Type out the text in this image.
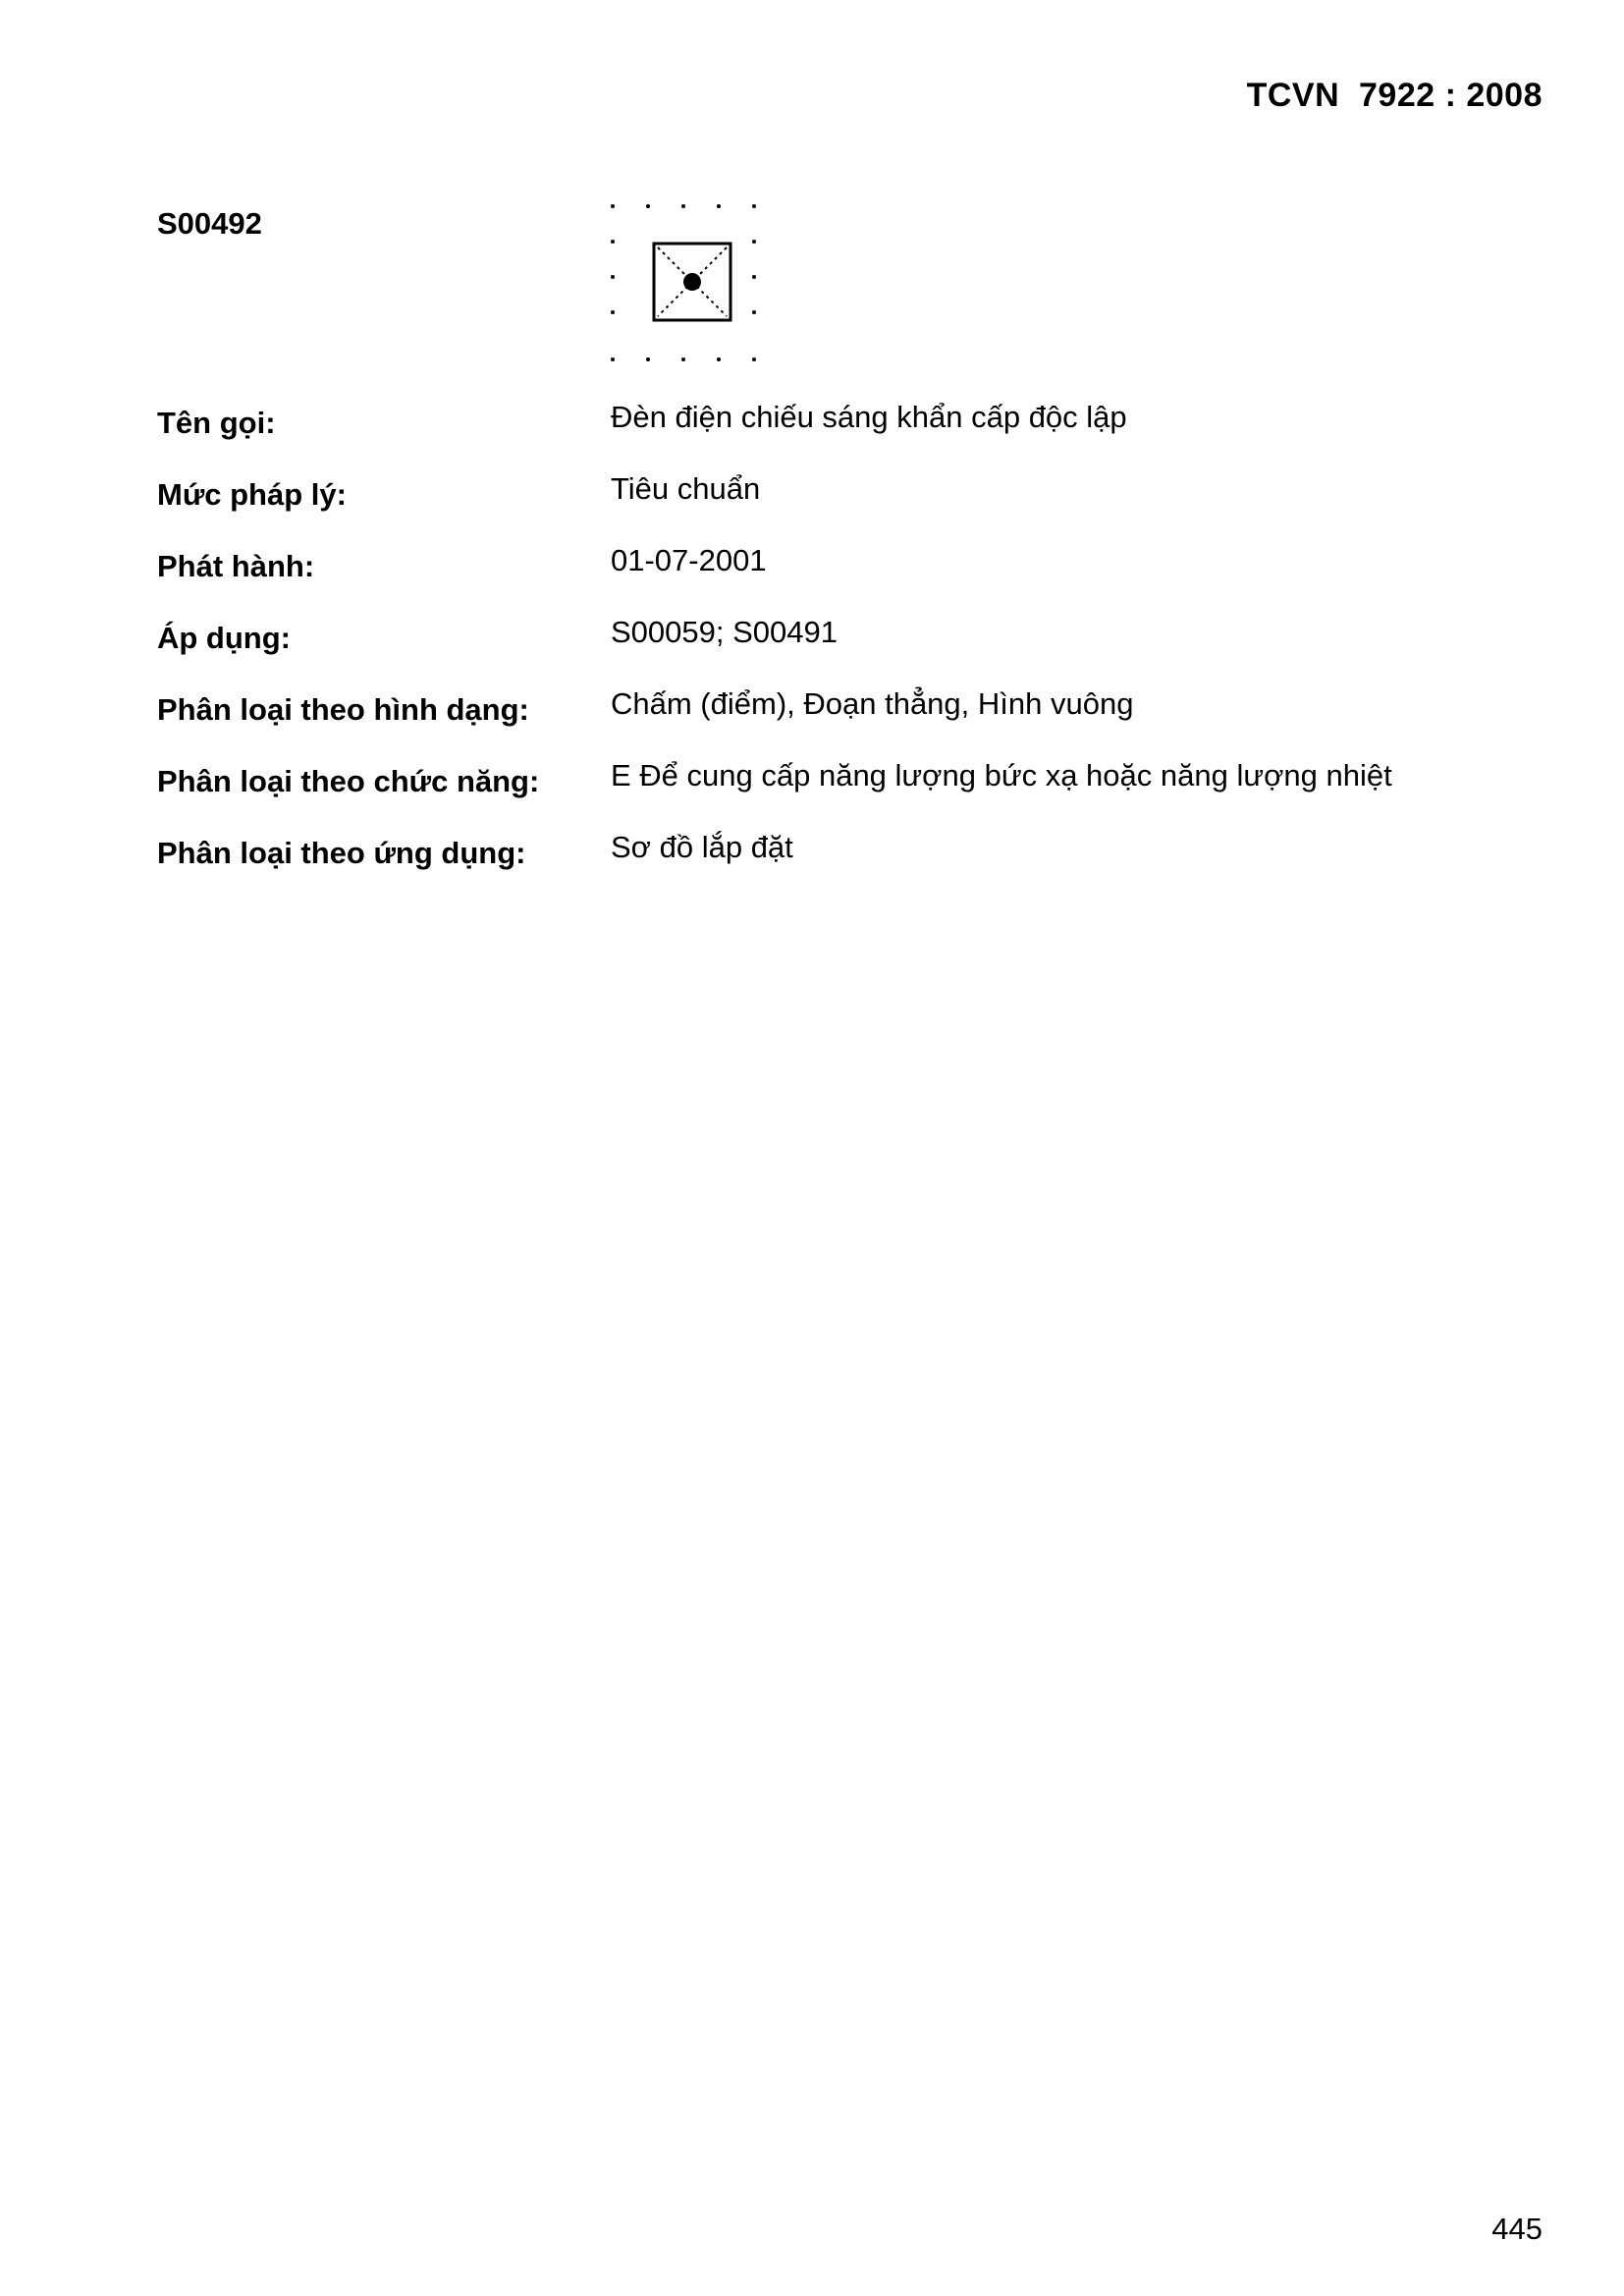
TCVN  7922 : 2008
S00492
Tên gọi:	Đèn điện chiếu sáng khẩn cấp độc lập
Mức pháp lý:	Tiêu chuẩn
Phát hành:	01-07-2001
Áp dụng:	S00059; S00491
Phân loại theo hình dạng:	Chấm (điểm), Đoạn thẳng, Hình vuông
Phân loại theo chức năng:	E Để cung cấp năng lượng bức xạ hoặc năng lượng nhiệt
Phân loại theo ứng dụng:	Sơ đồ lắp đặt
445
